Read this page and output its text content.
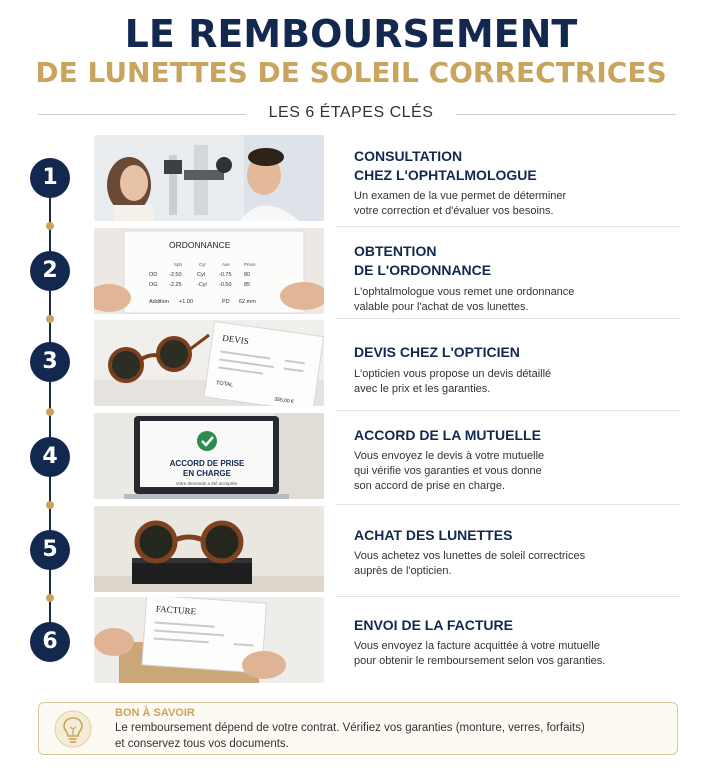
LE REMBOURSEMENT
DE LUNETTES DE SOLEIL CORRECTRICES
LES 6 ÉTAPES CLÉS
1
2
3
4
5
6
ORDONNANCE
Sph	Cyl	Axe	Prism
OD -2.50	Cyl	-0.75 80
OG -2.25	-Cyl -0.50 85
Addition +1.00	PD 62 mm
DEVIS
TOTAL
355,00 €
ACCORD DE PRISE
EN CHARGE
Votre demande a été acceptée.
FACTURE
CONSULTATION
CHEZ L'OPHTALMOLOGUE
Un examen de la vue permet de déterminer
votre correction et d'évaluer vos besoins.
OBTENTION
DE L'ORDONNANCE
L'ophtalmologue vous remet une ordonnance
valable pour l'achat de vos lunettes.
DEVIS CHEZ L'OPTICIEN
L'opticien vous propose un devis détaillé
avec le prix et les garanties.
ACCORD DE LA MUTUELLE
Vous envoyez le devis à votre mutuelle
qui vérifie vos garanties et vous donne
son accord de prise en charge.
ACHAT DES LUNETTES
Vous achetez vos lunettes de soleil correctrices
auprès de l'opticien.
ENVOI DE LA FACTURE
Vous envoyez la facture acquittée à votre mutuelle
pour obtenir le remboursement selon vos garanties.
BON À SAVOIR
Le remboursement dépend de votre contrat. Vérifiez vos garanties (monture, verres, forfaits)
et conservez tous vos documents.
